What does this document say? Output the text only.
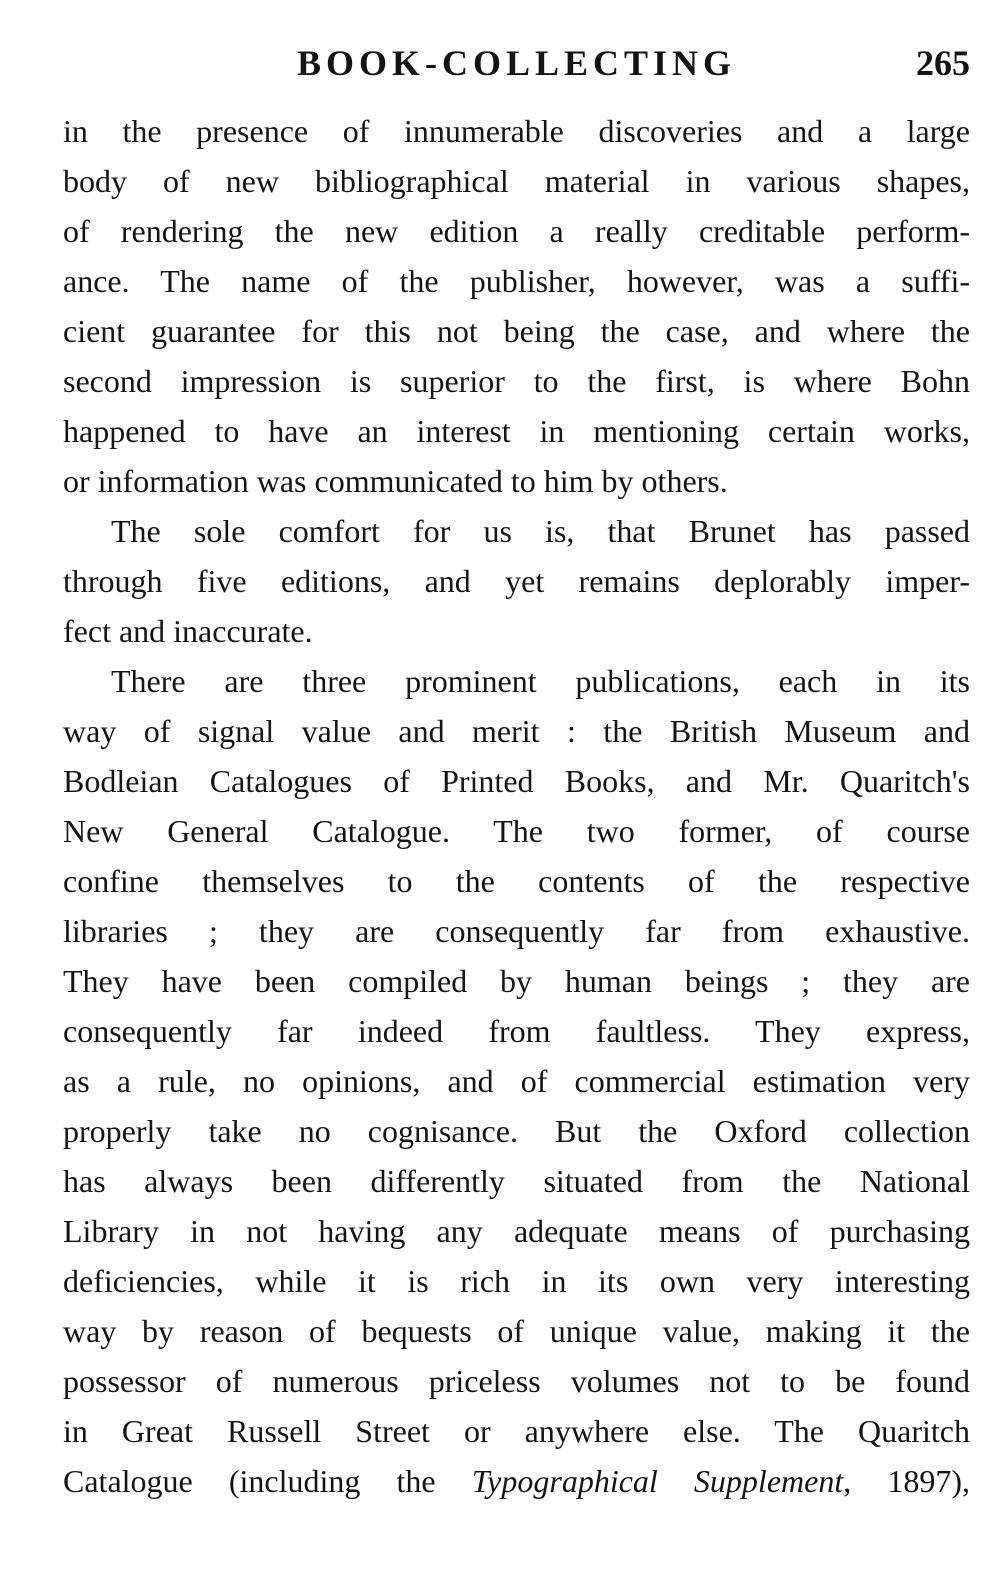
BOOK-COLLECTING	265
in the presence of innumerable discoveries and a large
body of new bibliographical material in various shapes,
of rendering the new edition a really creditable perform-
ance. The name of the publisher, however, was a suffi-
cient guarantee for this not being the case, and where the
second impression is superior to the first, is where Bohn
happened to have an interest in mentioning certain works,
or information was communicated to him by others.
The sole comfort for us is, that Brunet has passed
through five editions, and yet remains deplorably imper-
fect and inaccurate.
There are three prominent publications, each in its
way of signal value and merit : the British Museum and
Bodleian Catalogues of Printed Books, and Mr. Quaritch's
New General Catalogue. The two former, of course
confine themselves to the contents of the respective
libraries ; they are consequently far from exhaustive.
They have been compiled by human beings ; they are
consequently far indeed from faultless. They express,
as a rule, no opinions, and of commercial estimation very
properly take no cognisance. But the Oxford collection
has always been differently situated from the National
Library in not having any adequate means of purchasing
deficiencies, while it is rich in its own very interesting
way by reason of bequests of unique value, making it the
possessor of numerous priceless volumes not to be found
in Great Russell Street or anywhere else. The Quaritch
Catalogue (including the Typographical Supplement, 1897),
